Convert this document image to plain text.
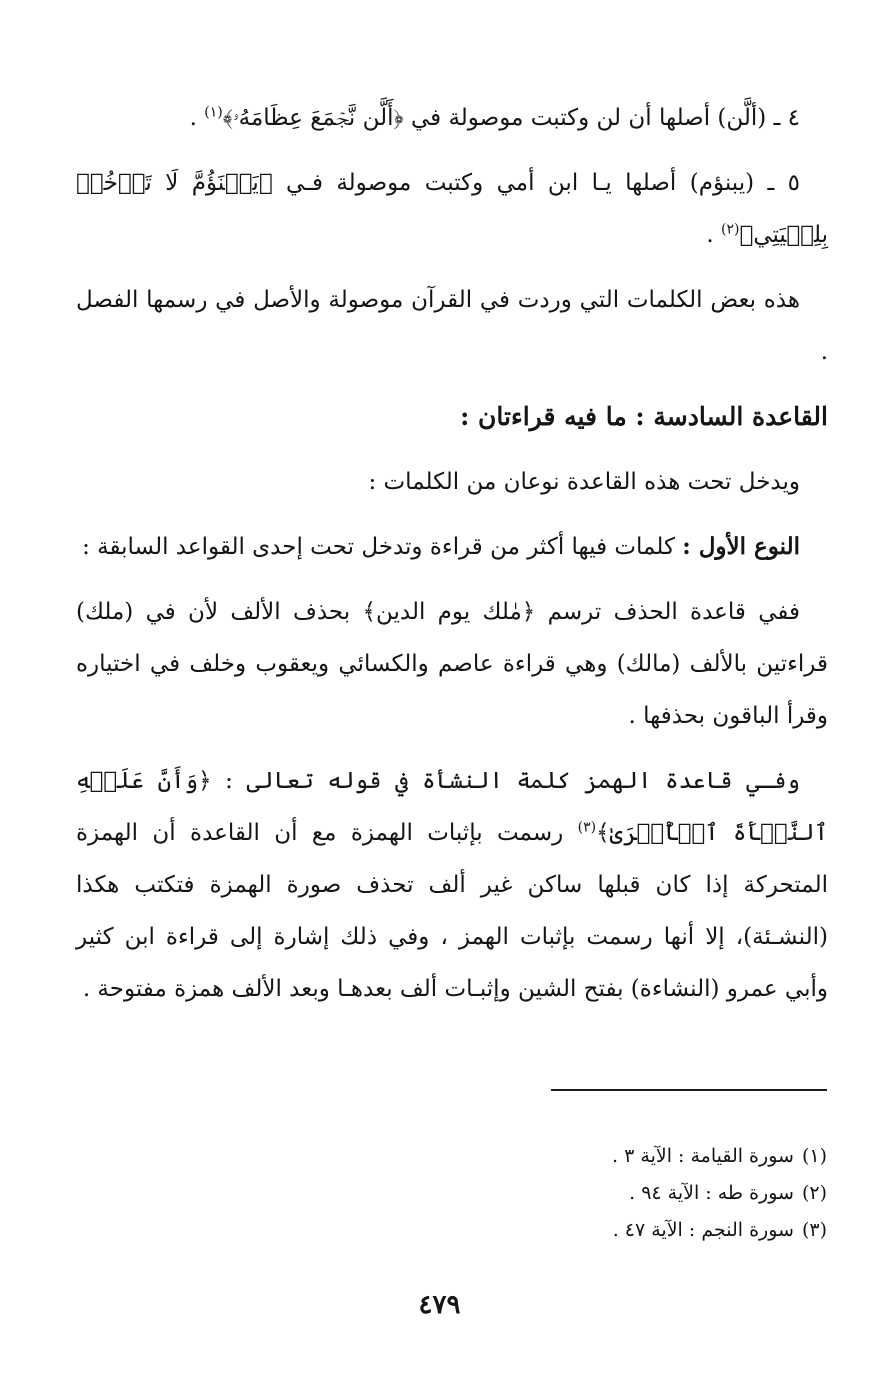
٤ ـ (ألَّن) أصلها أن لن وكتبت موصولة في ﴿أَلَّن نَّجۡمَعَ عِظَامَهُۥ﴾$^{(١)}$ .

٥ ـ (يبنؤم) أصلها يـا ابن أمي وكتبت موصولة فـي ﴿يَبۡنَؤُمَّ لَا تَأۡخُذۡ بِلِحۡيَتِي﴾$^{(٢)}$ .

هذه بعض الكلمات التي وردت في القرآن موصولة والأصل في رسمها الفصل .

القاعدة السادسة : ما فيه قراءتان :

ويدخل تحت هذه القاعدة نوعان من الكلمات :

النوع الأول : كلمات فيها أكثر من قراءة وتدخل تحت إحدى القواعد السابقة :

ففي قاعدة الحذف ترسم ﴿مٰلك يوم الدين﴾ بحذف الألف لأن في (ملك) قراءتين بالألف (مالك) وهي قراءة عاصم والكسائي ويعقوب وخلف في اختياره وقرأ الباقون بحذفها .

وفـي قاعدة الهمز كلمة النشأة في قوله تعالى : ﴿وَأَنَّ عَلَيۡهِ ٱلنَّشۡأَةَ ٱلۡأُخۡرَىٰ﴾$^{(٣)}$ رسمت بإثبات الهمزة مع أن القاعدة أن الهمزة المتحركة إذا كان قبلها ساكن غير ألف تحذف صورة الهمزة فتكتب هكذا (النشـئة)، إلا أنها رسمت بإثبات الهمز ، وفي ذلك إشارة إلى قراءة ابن كثير وأبي عمرو (النشاءة) بفتح الشين وإثبـات ألف بعدهـا وبعد الألف همزة مفتوحة .

(١)سورة القيامة : الآية ٣ .

(٢)سورة طه : الآية ٩٤ .

(٣)سورة النجم : الآية ٤٧ .

٤٧٩
